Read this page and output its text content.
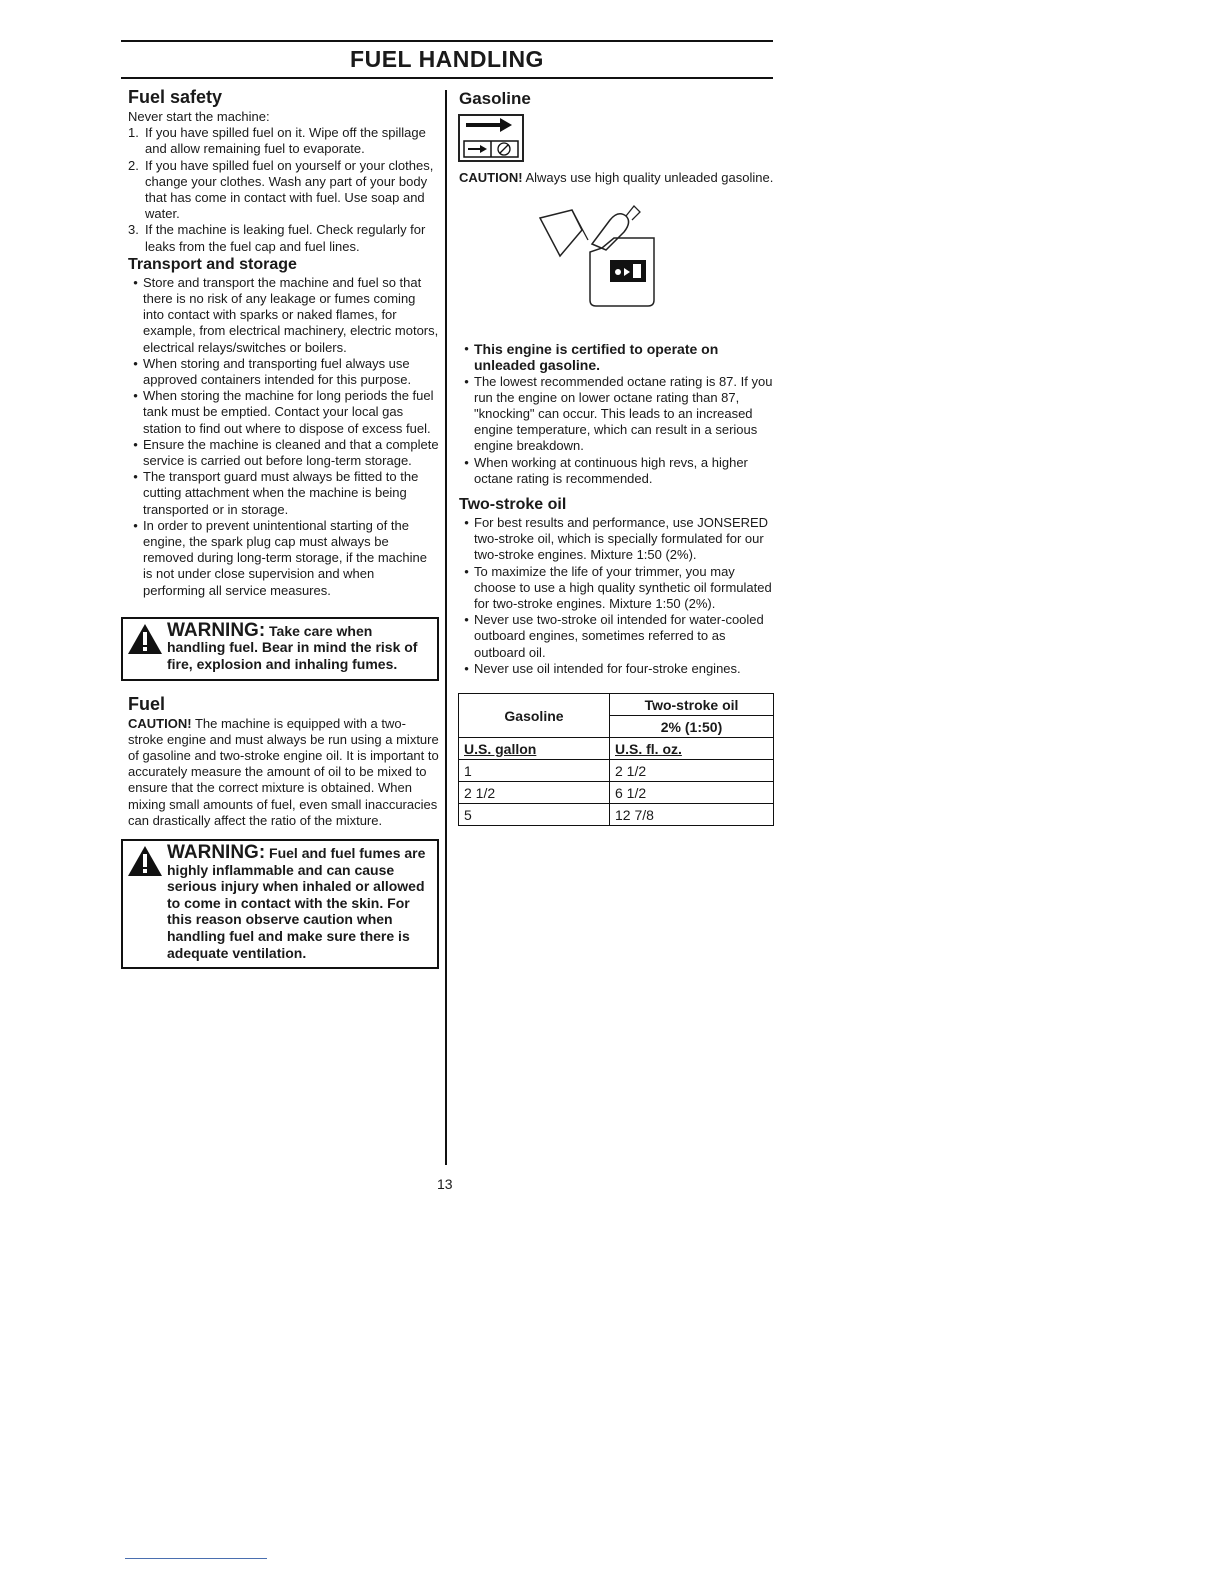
FUEL HANDLING
Fuel safety

Never start the machine:

1. If you have spilled fuel on it. Wipe off the spillage and allow remaining fuel to evaporate.
2. If you have spilled fuel on yourself or your clothes, change your clothes. Wash any part of your body that has come in contact with fuel. Use soap and water.
3. If the machine is leaking fuel. Check regularly for leaks from the fuel cap and fuel lines.
Transport and storage
• Store and transport the machine and fuel so that there is no risk of any leakage or fumes coming into contact with sparks or naked flames, for example, from electrical machinery, electric motors, electrical relays/switches or boilers.
• When storing and transporting fuel always use approved containers intended for this purpose.
• When storing the machine for long periods the fuel tank must be emptied. Contact your local gas station to find out where to dispose of excess fuel.
• Ensure the machine is cleaned and that a complete service is carried out before long-term storage.
• The transport guard must always be fitted to the cutting attachment when the machine is being transported or in storage.
• In order to prevent unintentional starting of the engine, the spark plug cap must always be removed during long-term storage, if the machine is not under close supervision and when performing all service measures.
WARNING: Take care when handling fuel. Bear in mind the risk of fire, explosion and inhaling fumes.
Fuel

CAUTION! The machine is equipped with a two-stroke engine and must always be run using a mixture of gasoline and two-stroke engine oil. It is important to accurately measure the amount of oil to be mixed to ensure that the correct mixture is obtained. When mixing small amounts of fuel, even small inaccuracies can drastically affect the ratio of the mixture.

WARNING: Fuel and fuel fumes are highly inflammable and can cause serious injury when inhaled or allowed to come in contact with the skin. For this reason observe caution when handling fuel and make sure there is adequate ventilation.
Gasoline

CAUTION! Always use high quality unleaded gasoline.

• This engine is certified to operate on unleaded gasoline.
• The lowest recommended octane rating is 87. If you run the engine on lower octane rating than 87, "knocking" can occur. This leads to an increased engine temperature, which can result in a serious engine breakdown.
• When working at continuous high revs, a higher octane rating is recommended.
Two-stroke oil
• For best results and performance, use JONSERED two-stroke oil, which is specially formulated for our two-stroke engines. Mixture 1:50 (2%).
• To maximize the life of your trimmer, you may choose to use a high quality synthetic oil formulated for two-stroke engines. Mixture 1:50 (2%).
• Never use two-stroke oil intended for water-cooled outboard engines, sometimes referred to as outboard oil.
• Never use oil intended for four-stroke engines.
Gasoline	Two-stroke oil
	2% (1:50)
U.S. gallon	U.S. fl. oz.
1	2 1/2
2 1/2	6 1/2
5	12 7/8
13
